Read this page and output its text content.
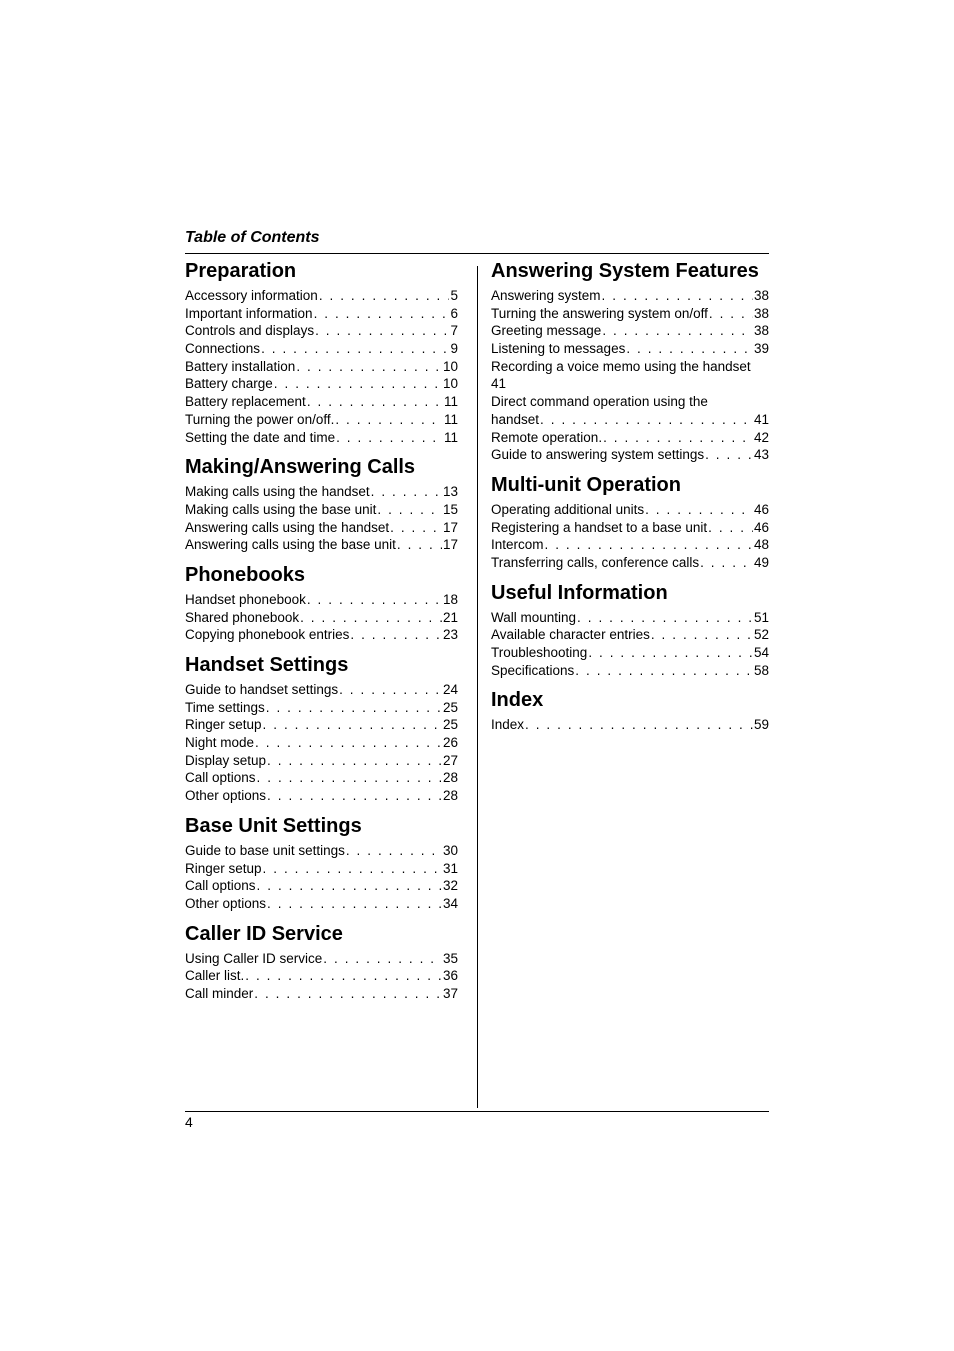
Table of Contents
Preparation
Accessory information . . .	5
Important information . . .	6
Controls and displays . . .	7
Connections . . .	9
Battery installation . . .	10
Battery charge . . .	10
Battery replacement . . .	11
Turning the power on/off. . . .	11
Setting the date and time . . .	11
Making/Answering Calls
Making calls using the handset . . .	13
Making calls using the base unit . . .	15
Answering calls using the handset . . .	17
Answering calls using the base unit . . .	17
Phonebooks
Handset phonebook . . .	18
Shared phonebook . . .	21
Copying phonebook entries . . .	23
Handset Settings
Guide to handset settings . . .	24
Time settings . . .	25
Ringer setup . . .	25
Night mode . . .	26
Display setup . . .	27
Call options . . .	28
Other options . . .	28
Base Unit Settings
Guide to base unit settings . . .	30
Ringer setup . . .	31
Call options . . .	32
Other options . . .	34
Caller ID Service
Using Caller ID service . . .	35
Caller list. . . .	36
Call minder . . .	37
Answering System Features
Answering system . . .	38
Turning the answering system on/off . . .	38
Greeting message . . .	38
Listening to messages . . .	39
Recording a voice memo using the handset
41
Direct command operation using the
handset . . .	41
Remote operation. . . .	42
Guide to answering system settings . . .	43
Multi-unit Operation
Operating additional units . . .	46
Registering a handset to a base unit . . .	46
Intercom . . .	48
Transferring calls, conference calls . . .	49
Useful Information
Wall mounting . . .	51
Available character entries . . .	52
Troubleshooting . . .	54
Specifications . . .	58
Index
Index . . .	59
4
